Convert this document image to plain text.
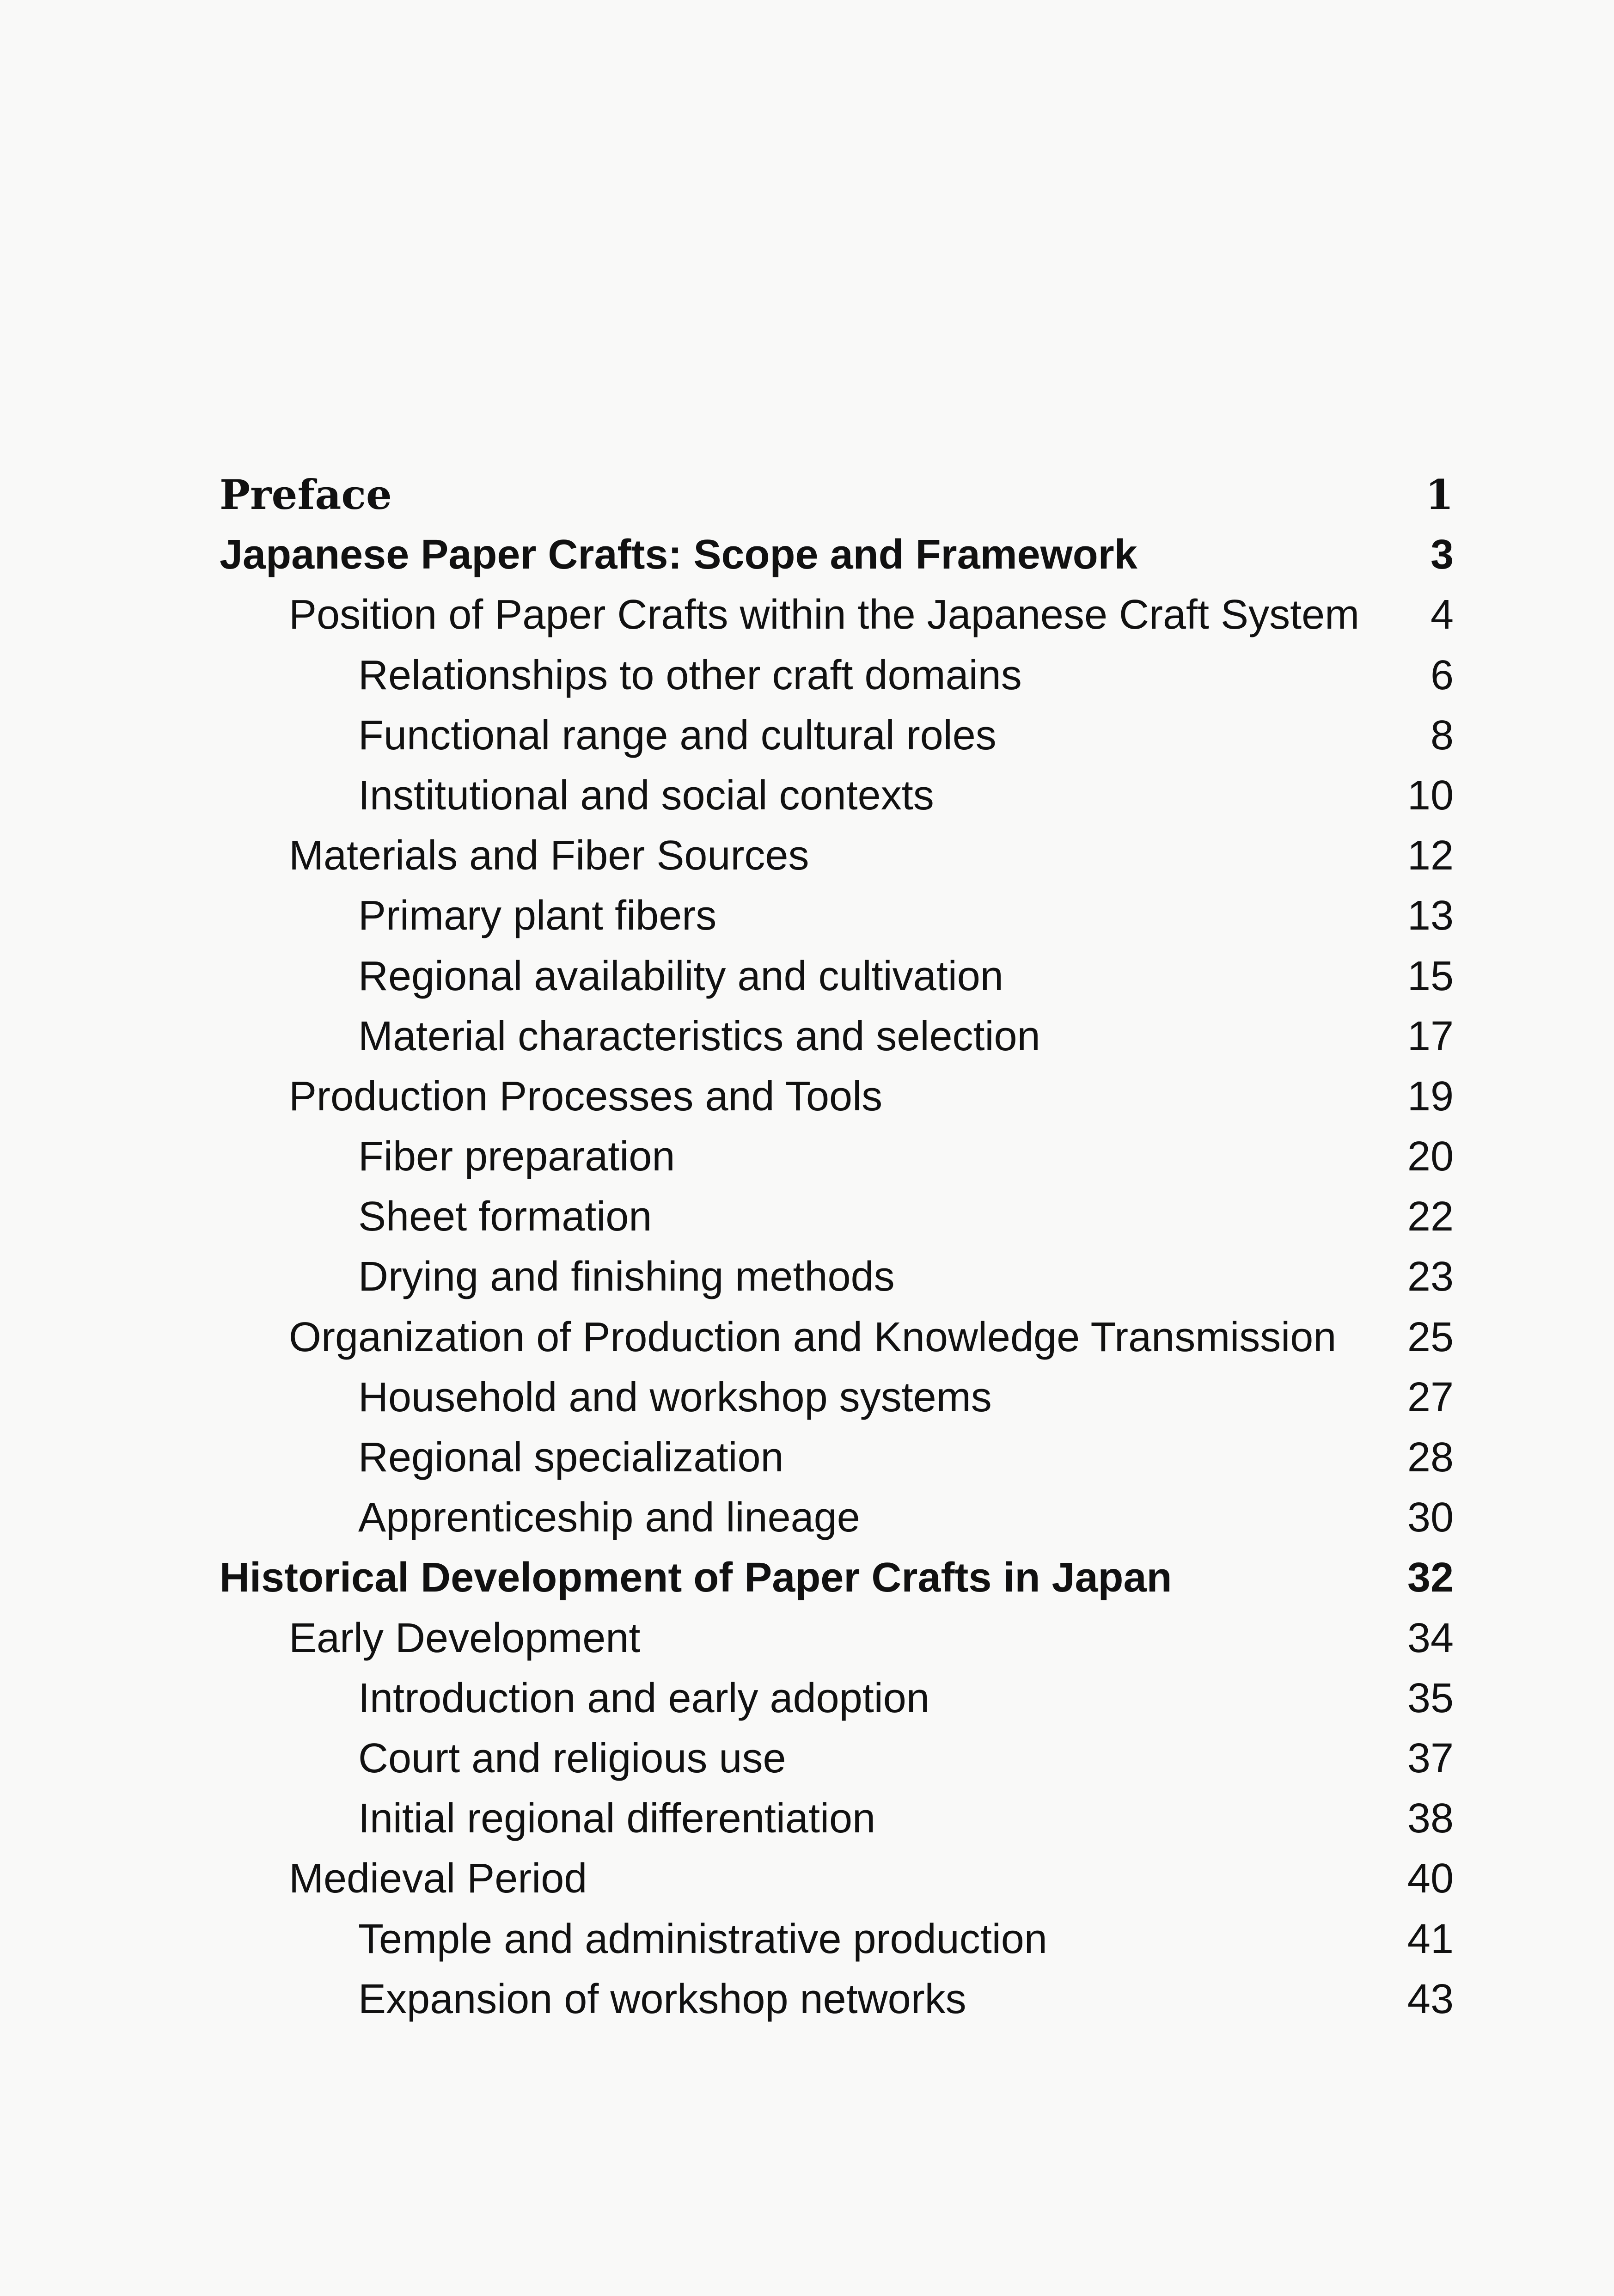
Preface	1
Japanese Paper Crafts: Scope and Framework	3
Position of Paper Crafts within the Japanese Craft System 4
Relationships to other craft domains	6
Functional range and cultural roles	8
Institutional and social contexts	10
Materials and Fiber Sources	12
Primary plant fibers	13
Regional availability and cultivation	15
Material characteristics and selection	17
Production Processes and Tools	19
Fiber preparation	20
Sheet formation	22
Drying and finishing methods	23
Organization of Production and Knowledge Transmission 25
Household and workshop systems	27
Regional specialization	28
Apprenticeship and lineage	30
Historical Development of Paper Crafts in Japan	32
Early Development	34
Introduction and early adoption	35
Court and religious use	37
Initial regional differentiation	38
Medieval Period	40
Temple and administrative production	41
Expansion of workshop networks	43
